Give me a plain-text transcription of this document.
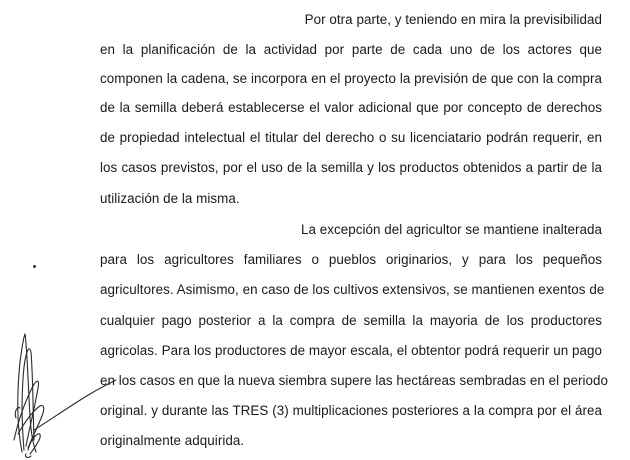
Por otra parte, y teniendo en mira la previsibilidad
en la planificación de la actividad por parte de cada uno de los actores que
componen la cadena, se incorpora en el proyecto la previsión de que con la compra
de la semilla deberá establecerse el valor adicional que por concepto de derechos
de propiedad intelectual el titular del derecho o su licenciatario podrán requerir, en
los casos previstos, por el uso de la semilla y los productos obtenidos a partir de la
utilización de la misma.
La excepción del agricultor se mantiene inalterada
para los agricultores familiares o pueblos originarios, y para los pequeños
agricultores. Asimismo, en caso de los cultivos extensivos, se mantienen exentos de
cualquier pago posterior a la compra de semilla la mayoria de los productores
agricolas. Para los productores de mayor escala, el obtentor podrá requerir un pago
en los casos en que la nueva siembra supere las hectáreas sembradas en el periodo
original. y durante las TRES (3) multiplicaciones posteriores a la compra por el área
originalmente adquirida.
